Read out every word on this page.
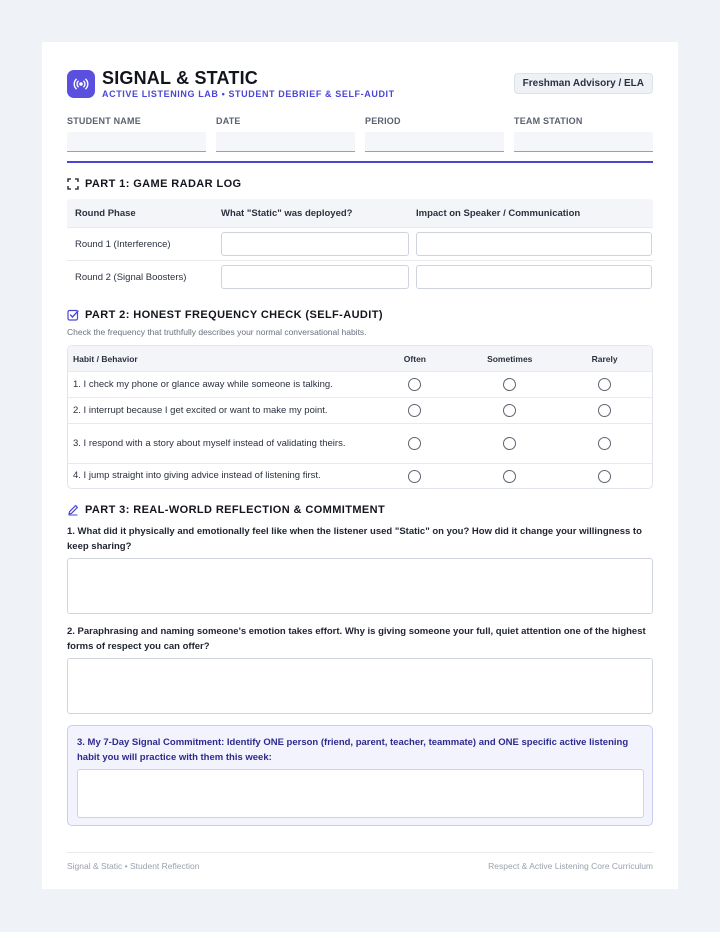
SIGNAL & STATIC
ACTIVE LISTENING LAB • STUDENT DEBRIEF & SELF-AUDIT
Freshman Advisory / ELA
STUDENT NAME	DATE	PERIOD	TEAM STATION
PART 1: GAME RADAR LOG
Round Phase	What "Static" was deployed?	Impact on Speaker / Communication
Round 1 (Interference)
Round 2 (Signal Boosters)
PART 2: HONEST FREQUENCY CHECK (SELF-AUDIT)
Check the frequency that truthfully describes your normal conversational habits.
Habit / Behavior	Often	Sometimes	Rarely
1. I check my phone or glance away while someone is talking.
2. I interrupt because I get excited or want to make my point.
3. I respond with a story about myself instead of validating theirs.
4. I jump straight into giving advice instead of listening first.
PART 3: REAL-WORLD REFLECTION & COMMITMENT
1. What did it physically and emotionally feel like when the listener used "Static" on you? How did it change your willingness to keep sharing?
2. Paraphrasing and naming someone's emotion takes effort. Why is giving someone your full, quiet attention one of the highest forms of respect you can offer?
3. My 7-Day Signal Commitment: Identify ONE person (friend, parent, teacher, teammate) and ONE specific active listening habit you will practice with them this week:
Signal & Static • Student Reflection	Respect & Active Listening Core Curriculum
